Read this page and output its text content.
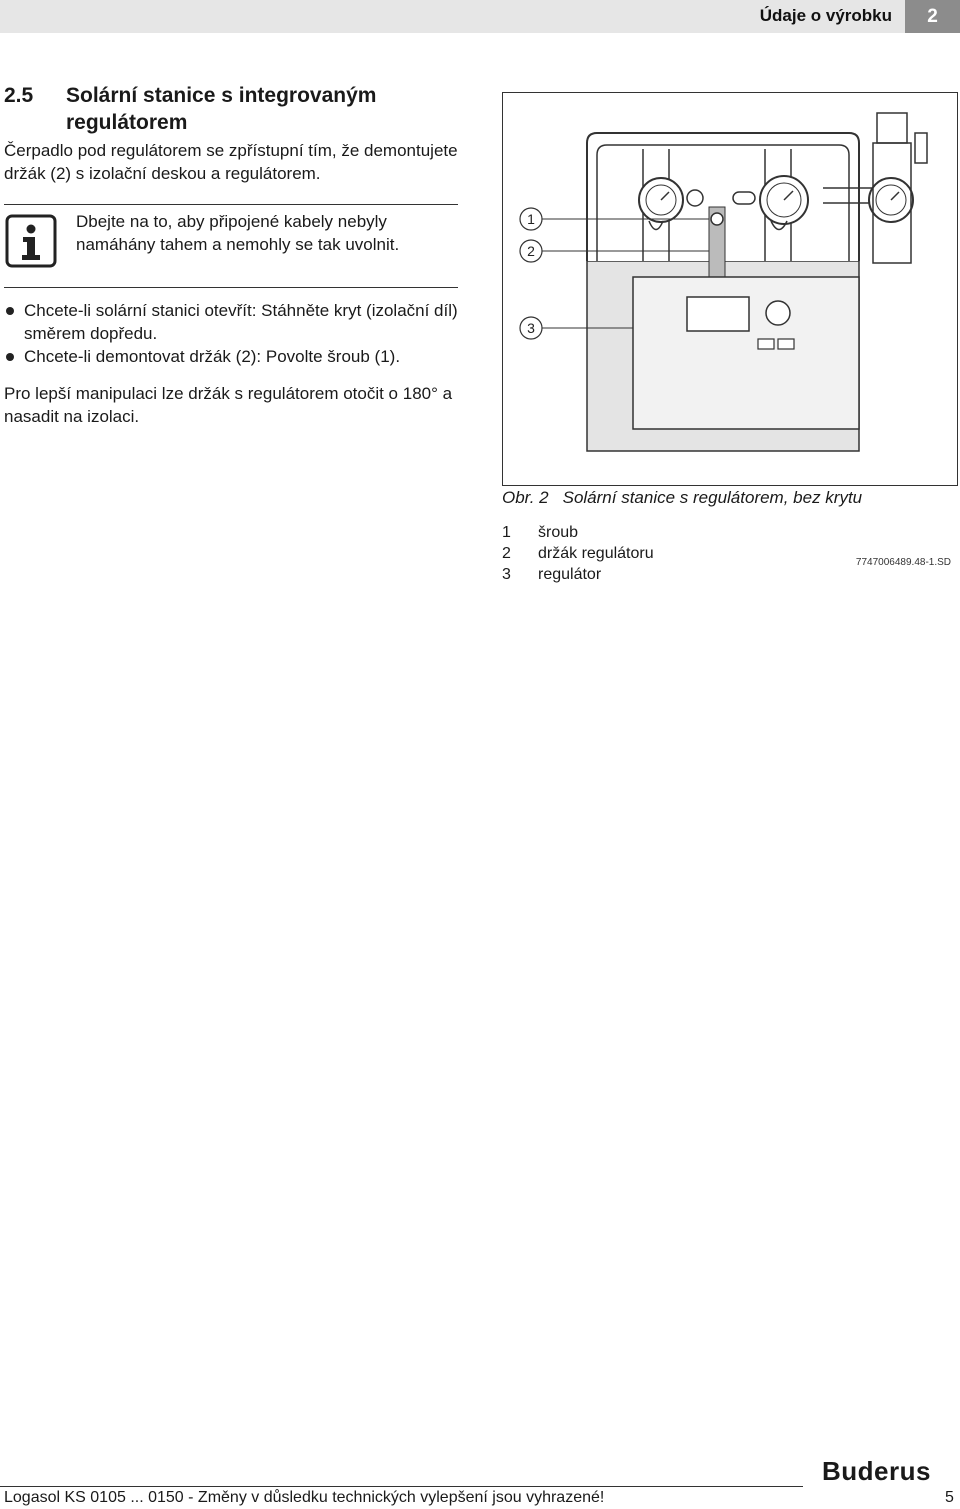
Údaje o výrobku	2
2.5 Solární stanice s integrovaným
regulátorem
Čerpadlo pod regulátorem se zpřístupní tím, že demontujete držák (2) s izolační deskou a regulátorem.
Dbejte na to, aby připojené kabely nebyly namáhány tahem a nemohly se tak uvolnit.
Chcete-li solární stanici otevřít: Stáhněte kryt (izolační díl) směrem dopředu.
Chcete-li demontovat držák (2): Povolte šroub (1).
Pro lepší manipulaci lze držák s regulátorem otočit o 180° a nasadit na izolaci.
1
2
3
7747006489.48-1.SD
Obr. 2 Solární stanice s regulátorem, bez krytu
1	šroub
2	držák regulátoru
3	regulátor
Buderus
Logasol KS 0105 ... 0150 - Změny v důsledku technických vylepšení jsou vyhrazené!	5
